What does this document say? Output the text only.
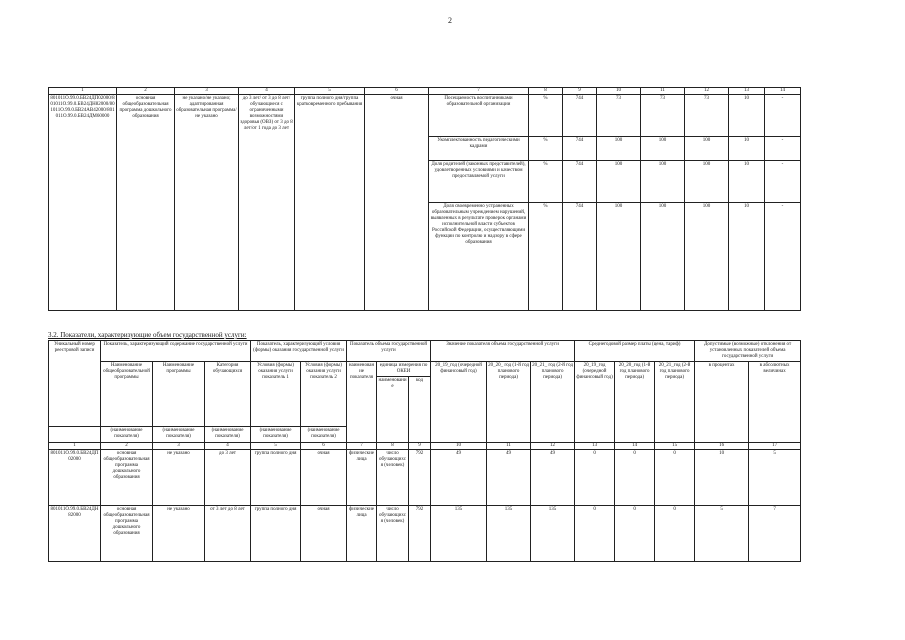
2
1	2	3	4	5	6	7	8	9	10	11	12	13	14
801011О.99.0.БВ24ДП02000/801011О.99.0.БВ24ДН82000/801011О.99.0.БВ24АВ42000/801011О.99.0.БВ24ДМ60000	основная общеобразовательная программа дошкольного образования	не указано/не указано; адаптированная образовательная программа/не указано	до 3 лет/ от 3 до 8 лет/ обучающиеся с ограниченными возможностями здоровья (ОВЗ) от 3 до 8 лет/от 1 года до 3 лет	группа полного дня/группа кратковременного пребывания	очная	Посещаемость воспитанниками образовательной организации	%	744	73	73	73	10	-
						Укомплектованность педагогическими кадрами	%	744	100	100	100	10	-
						Доля родителей (законных представителей), удовлетворенных условиями и качеством предоставляемой услуги	%	744	100	100	100	10	-
						Доля своевременно устраненных образовательным учреждением нарушений, выявленных в результате проверок органами исполнительной власти субъектов Российской Федерации, осуществляющими функции по контролю и надзору в сфере образования	%	744	100	100	100	10	-
3.2. Показатели, характеризующие объем государственной услуги:
Уникальный номер реестровой записи	Показатель, характеризующий содержание государственной услуги			Показатель, характеризующий условия (формы) оказания государственной услуги		Показатель объема государственной услуги			Значение показателя объема государственной услуги			Среднегодовой размер платы (цена, тариф)			Допустимые (возможные) отклонения от установленных показателей объема государственной услуги	
	Наименование общеобразовательной программы	Наименование программы	Категория обучающихся	Условия (формы) оказания услуги показатель 1	Условия (формы) оказания услуги показатель 2	наименование показателя	единица измерения по ОКЕИ		20_19_год (очередной финансовый год)	20_20_ год (1-й год планового периода)	20_21_ год (2-й год планового периода)	20_19_год (очередной финансовый год)	20_20_год (1-й год планового периода)	20_21_год (2-й год планового периода)	в процентах	в абсолютных величинах
							наименование	код								
	(наименование показателя)	(наименование показателя)	(наименование показателя)	(наименование показателя)	(наименование показателя)											
1	2	3	4	5	6	7	8	9	10	11	12	13	14	15	16	17
801011О.99.0.БВ24ДП02000	основная общеобразовательная программа дошкольного образования	не указано	до 3 лет	группа полного дня	очная	физические лица	число обучающихся (человек)	792	49	49	49	0	0	0	10	5
801011О.99.0.БВ24ДН82000	основная общеобразовательная программа дошкольного образования	не указано	от 3 лет до 8 лет	группа полного дня	очная	физические лица	число обучающихся (человек)	792	135	135	135	0	0	0	5	7
